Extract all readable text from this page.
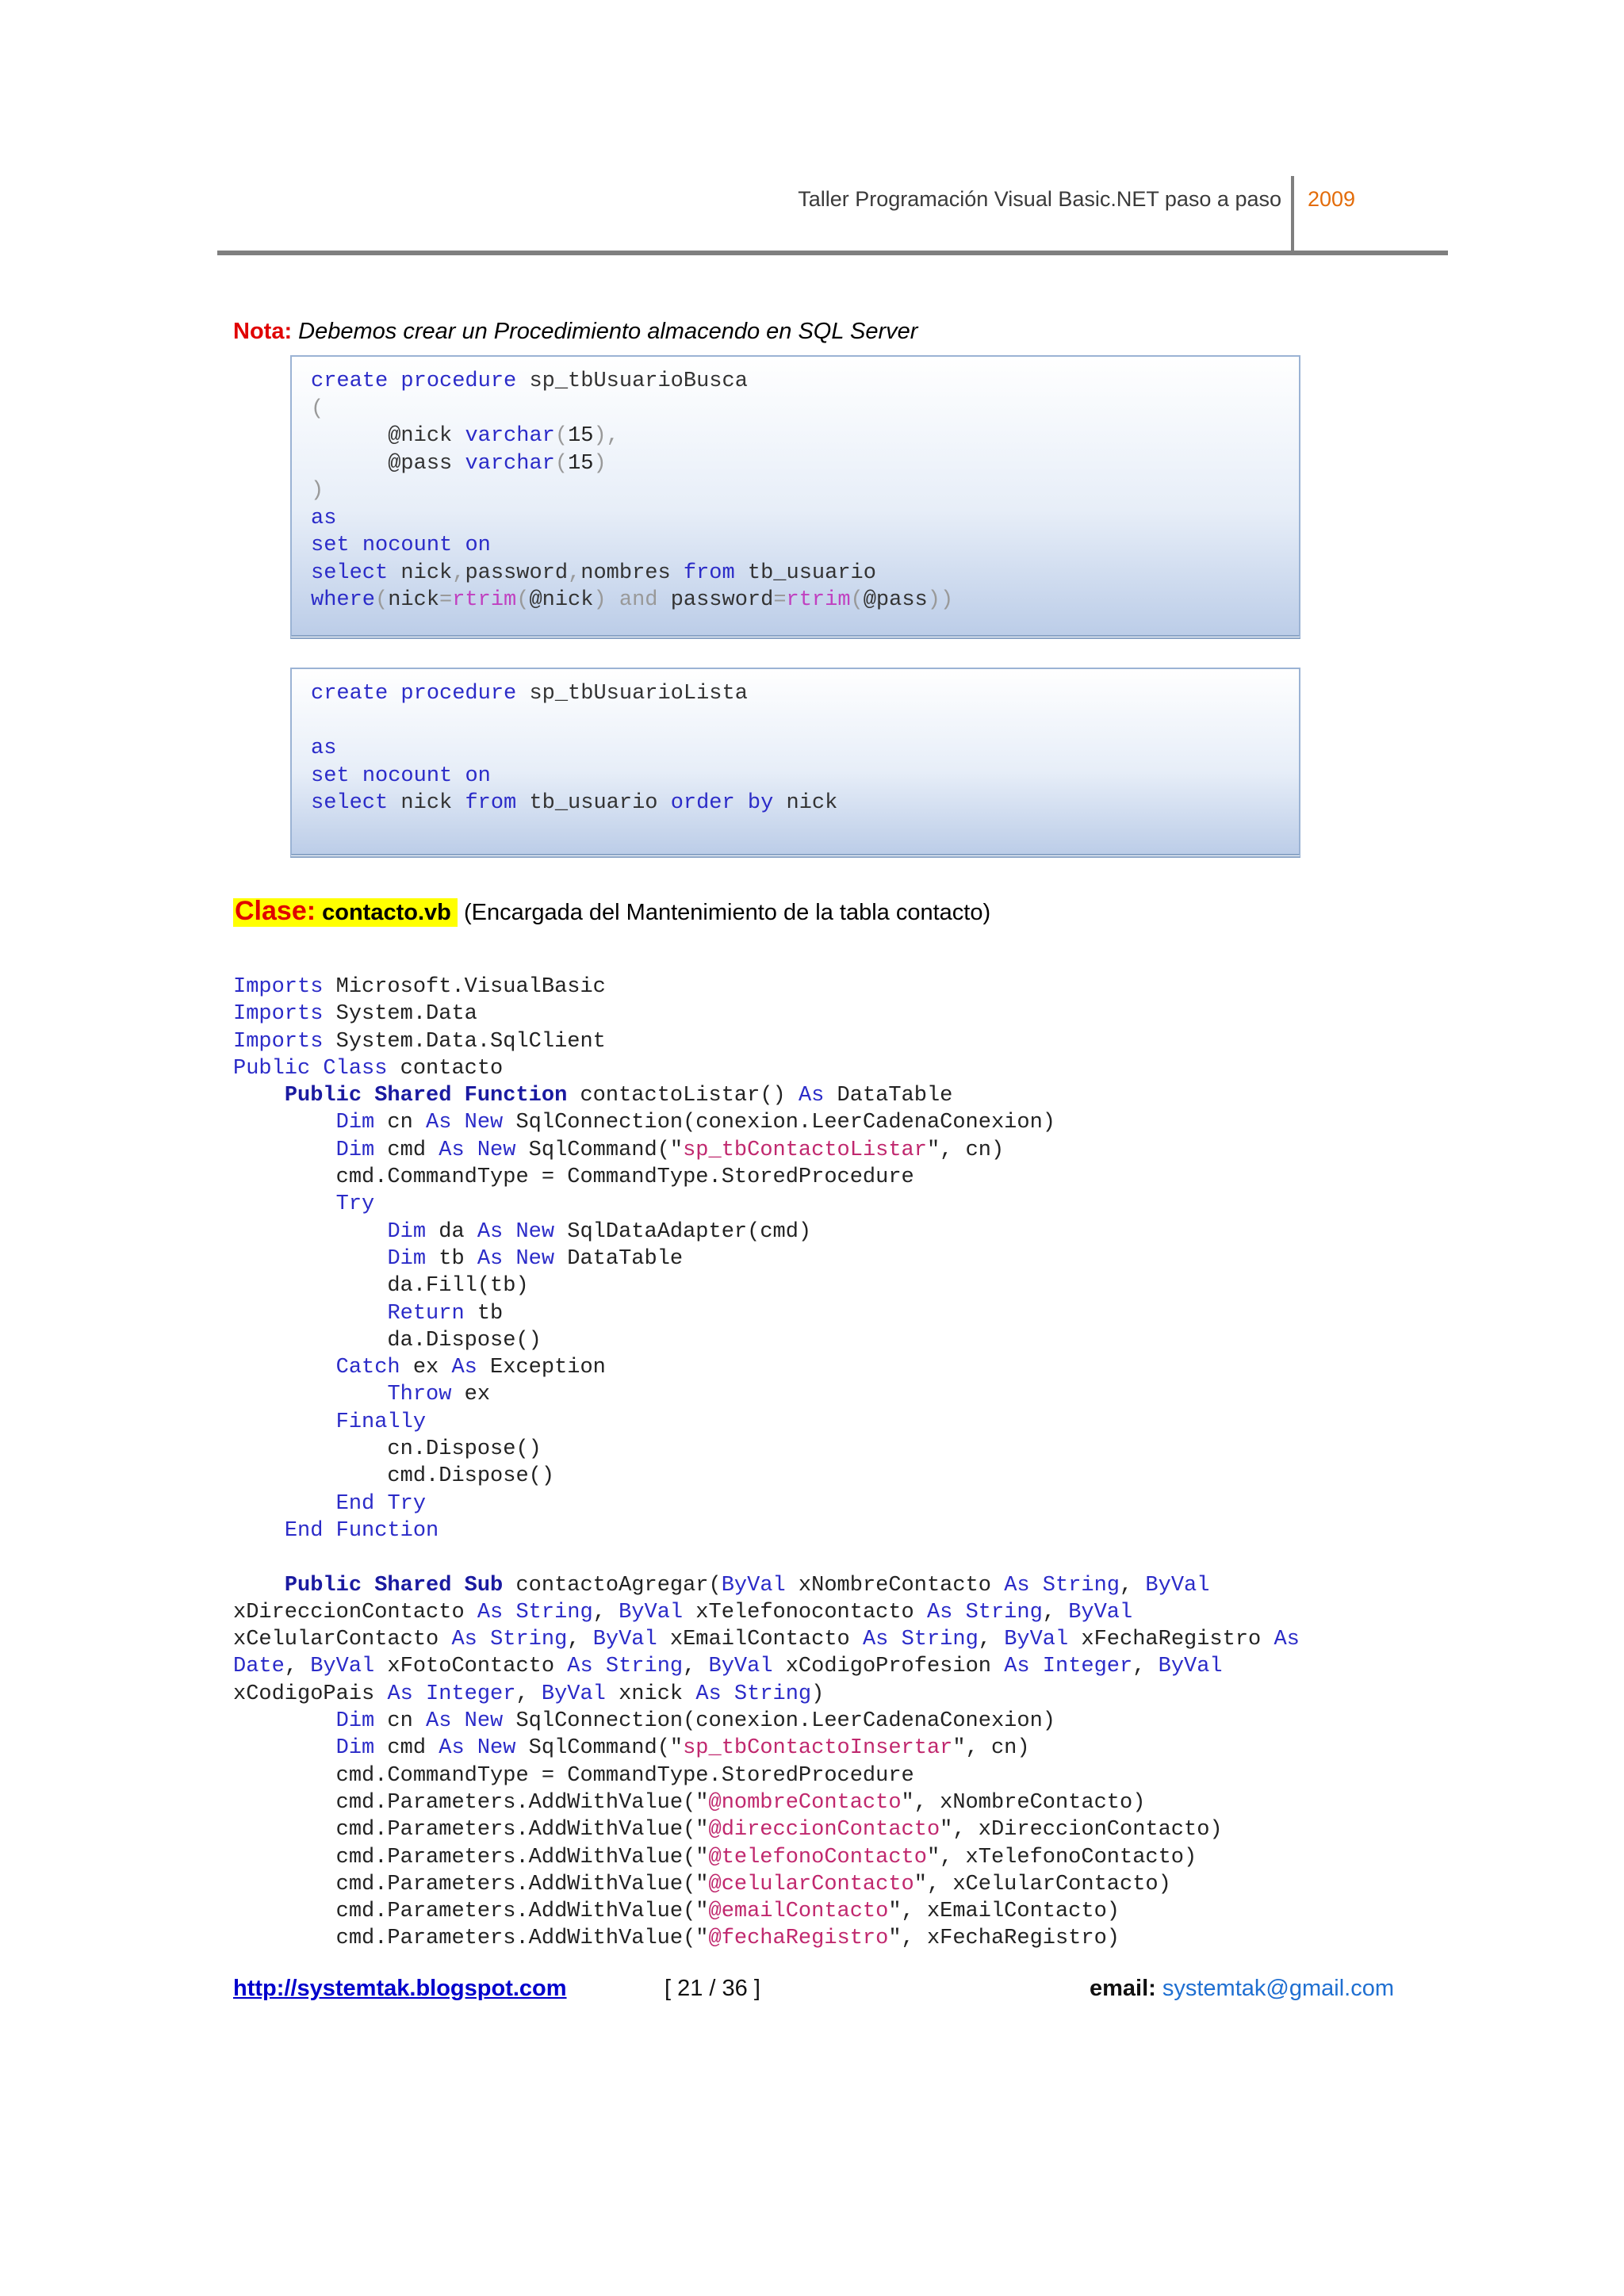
Taller Programación Visual Basic.NET paso a paso 2009
Nota: Debemos crear un Procedimiento almacendo en SQL Server
create procedure sp_tbUsuarioBusca
(
@nick varchar(15),
@pass varchar(15)
)
as
set nocount on
select nick,password,nombres from tb_usuario
where(nick=rtrim(@nick) and password=rtrim(@pass))
create procedure sp_tbUsuarioLista

as
set nocount on
select nick from tb_usuario order by nick
Clase: contacto.vb (Encargada del Mantenimiento de la tabla contacto)
Imports Microsoft.VisualBasic
Imports System.Data
Imports System.Data.SqlClient
Public Class contacto
Public Shared Function contactoListar() As DataTable
Dim cn As New SqlConnection(conexion.LeerCadenaConexion)
Dim cmd As New SqlCommand("sp_tbContactoListar", cn)
cmd.CommandType = CommandType.StoredProcedure
Try
Dim da As New SqlDataAdapter(cmd)
Dim tb As New DataTable
da.Fill(tb)
Return tb
da.Dispose()
Catch ex As Exception
Throw ex
Finally
cn.Dispose()
cmd.Dispose()
End Try
End Function

Public Shared Sub contactoAgregar(ByVal xNombreContacto As String, ByVal
xDireccionContacto As String, ByVal xTelefonocontacto As String, ByVal
xCelularContacto As String, ByVal xEmailContacto As String, ByVal xFechaRegistro As
Date, ByVal xFotoContacto As String, ByVal xCodigoProfesion As Integer, ByVal
xCodigoPais As Integer, ByVal xnick As String)
Dim cn As New SqlConnection(conexion.LeerCadenaConexion)
Dim cmd As New SqlCommand("sp_tbContactoInsertar", cn)
cmd.CommandType = CommandType.StoredProcedure
cmd.Parameters.AddWithValue("@nombreContacto", xNombreContacto)
cmd.Parameters.AddWithValue("@direccionContacto", xDireccionContacto)
cmd.Parameters.AddWithValue("@telefonoContacto", xTelefonoContacto)
cmd.Parameters.AddWithValue("@celularContacto", xCelularContacto)
cmd.Parameters.AddWithValue("@emailContacto", xEmailContacto)
cmd.Parameters.AddWithValue("@fechaRegistro", xFechaRegistro)
http://systemtak.blogspot.com	[ 21 / 36 ]	email: systemtak@gmail.com
